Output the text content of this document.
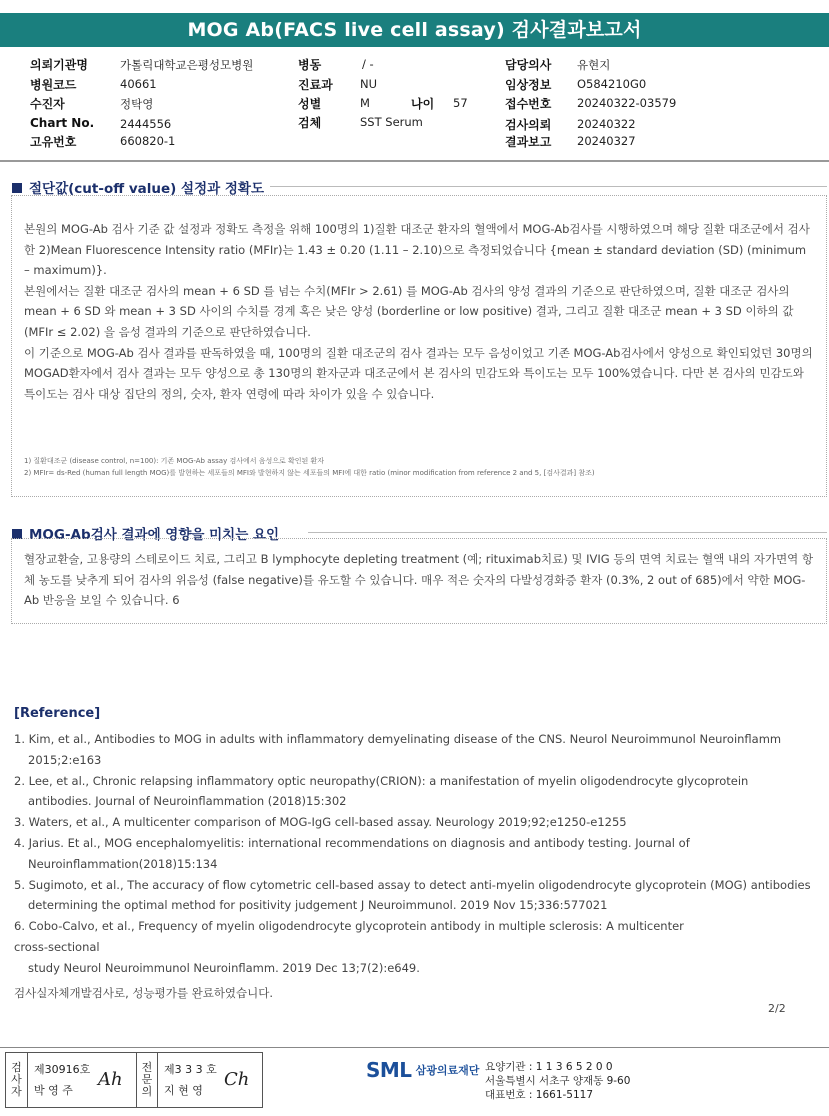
MOG Ab(FACS live cell assay) 검사결과보고서
의뢰기관명	가톨릭대학교은평성모병원
병원코드	40661
수진자	정탁영
Chart No. 2444556
고유번호	660820-1
병동	/ -
진료과 NU
성별	M	나이 57
검체	SST Serum
담당의사 유현지
임상정보 O584210G0
접수번호 20240322-03579
검사의뢰 20240322
결과보고 20240327
절단값(cut-off value) 설정과 정확도

본원의 MOG-Ab 검사 기준 값 설정과 정확도 측정을 위해 100명의 1)질환 대조군 환자의 혈액에서 MOG-Ab검사를 시행하였으며 해당 질환 대조군에서 검사한 2)Mean Fluorescence Intensity ratio (MFIr)는 1.43 ± 0.20 (1.11 – 2.10)으로 측정되었습니다 {mean ± standard deviation (SD) (minimum – maximum)}.

본원에서는 질환 대조군 검사의 mean + 6 SD 를 넘는 수치(MFIr > 2.61) 를 MOG-Ab 검사의 양성 결과의 기준으로 판단하였으며, 질환 대조군 검사의 mean + 6 SD 와 mean + 3 SD 사이의 수치를 경계 혹은 낮은 양성 (borderline or low positive) 결과, 그리고 질환 대조군 mean + 3 SD 이하의 값 (MFIr ≤ 2.02) 을 음성 결과의 기준으로 판단하였습니다.

이 기준으로 MOG-Ab 검사 결과를 판독하였을 때, 100명의 질환 대조군의 검사 결과는 모두 음성이었고 기존 MOG-Ab검사에서 양성으로 확인되었던 30명의 MOGAD환자에서 검사 결과는 모두 양성으로 총 130명의 환자군과 대조군에서 본 검사의 민감도와 특이도는 모두 100%였습니다. 다만 본 검사의 민감도와 특이도는 검사 대상 집단의 정의, 숫자, 환자 연령에 따라 차이가 있을 수 있습니다.

1) 질환대조군 (disease control, n=100): 기존 MOG-Ab assay 검사에서 음성으로 확인된 환자
2) MFIr= ds-Red (human full length MOG)를 발현하는 세포들의 MFI와 발현하지 않는 세포들의 MFI에 대한 ratio (minor modification from reference 2 and 5, [검사결과] 참조)
MOG-Ab검사 결과에 영향을 미치는 요인
혈장교환술, 고용량의 스테로이드 치료, 그리고 B lymphocyte depleting treatment (예; rituximab치료) 및 IVIG 등의 면역 치료는 혈액 내의 자가면역 항체 농도를 낮추게 되어 검사의 위음성 (false negative)를 유도할 수 있습니다. 매우 적은 숫자의 다발성경화증 환자 (0.3%, 2 out of 685)에서 약한 MOG-Ab 반응을 보일 수 있습니다. 6
[Reference]
1. Kim, et al., Antibodies to MOG in adults with inflammatory demyelinating disease of the CNS. Neurol Neuroimmunol Neuroinflamm 2015;2:e163
2. Lee, et al., Chronic relapsing inflammatory optic neuropathy(CRION): a manifestation of myelin oligodendrocyte glycoprotein antibodies. Journal of Neuroinflammation (2018)15:302
3. Waters, et al., A multicenter comparison of MOG-IgG cell-based assay. Neurology 2019;92;e1250-e1255
4. Jarius. Et al., MOG encephalomyelitis: international recommendations on diagnosis and antibody testing. Journal of Neuroinflammation(2018)15:134
5. Sugimoto, et al., The accuracy of flow cytometric cell-based assay to detect anti-myelin oligodendrocyte glycoprotein (MOG) antibodies determining the optimal method for positivity judgement J Neuroimmunol. 2019 Nov 15;336:577021
6. Cobo-Calvo, et al., Frequency of myelin oligodendrocyte glycoprotein antibody in multiple sclerosis: A multicenter
cross-sectional
study Neurol Neuroimmunol Neuroinflamm. 2019 Dec 13;7(2):e649.
검사실자체개발검사로, 성능평가를 완료하였습니다.
2/2
검
사
자
제30916호
박 영 주
Ah
전
문
의
제3 3 3 호
지 현 영
Ch	SML 삼광의료재단 요양기관 : 1 1 3 6 5 2 0 0
서울특별시 서초구 양재동 9-60
대표번호 : 1661-5117
